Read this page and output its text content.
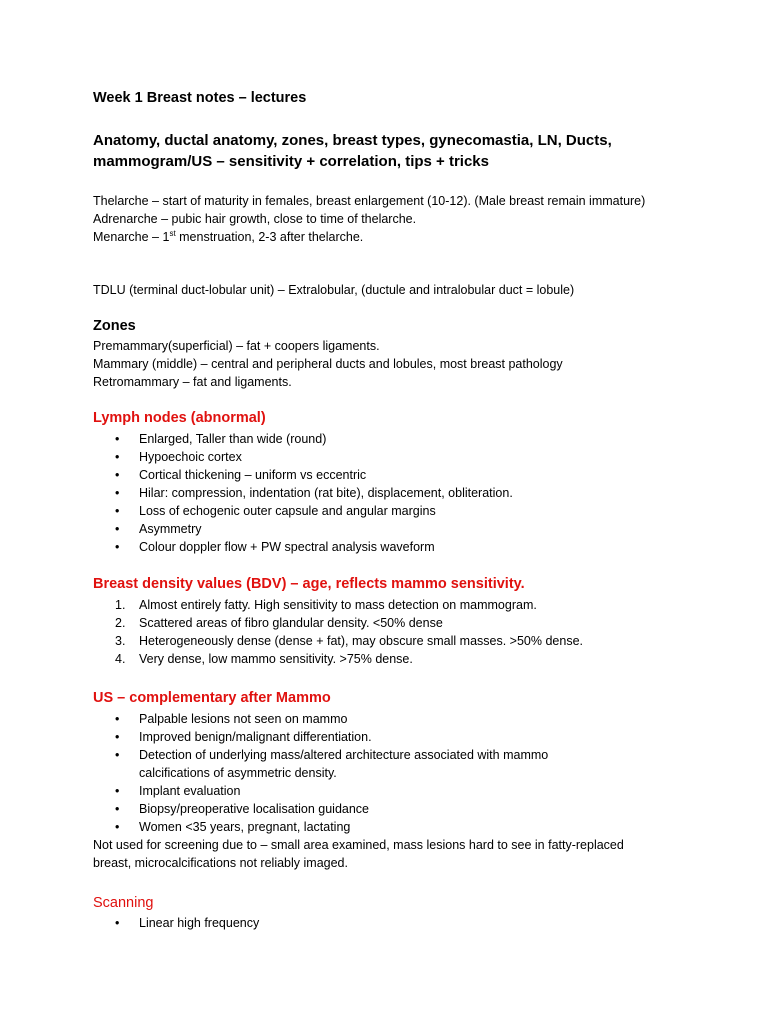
Week 1 Breast notes – lectures
Anatomy, ductal anatomy, zones, breast types, gynecomastia, LN, Ducts, mammogram/US – sensitivity + correlation, tips + tricks
Thelarche – start of maturity in females, breast enlargement (10-12). (Male breast remain immature)
Adrenarche – pubic hair growth, close to time of thelarche.
Menarche – 1st menstruation, 2-3 after thelarche.
TDLU (terminal duct-lobular unit) – Extralobular, (ductule and intralobular duct = lobule)
Zones
Premammary(superficial) – fat + coopers ligaments.
Mammary (middle) – central and peripheral ducts and lobules, most breast pathology
Retromammary – fat and ligaments.
Lymph nodes (abnormal)
•	Enlarged, Taller than wide (round)
•	Hypoechoic cortex
•	Cortical thickening – uniform vs eccentric
•	Hilar: compression, indentation (rat bite), displacement, obliteration.
•	Loss of echogenic outer capsule and angular margins
•	Asymmetry
•	Colour doppler flow + PW spectral analysis waveform
Breast density values (BDV) – age, reflects mammo sensitivity.
1.	Almost entirely fatty. High sensitivity to mass detection on mammogram.
2.	Scattered areas of fibro glandular density. <50% dense
3.	Heterogeneously dense (dense + fat), may obscure small masses. >50% dense.
4.	Very dense, low mammo sensitivity. >75% dense.
US – complementary after Mammo
•	Palpable lesions not seen on mammo
•	Improved benign/malignant differentiation.
•	Detection of underlying mass/altered architecture associated with mammo calcifications of asymmetric density.
•	Implant evaluation
•	Biopsy/preoperative localisation guidance
•	Women <35 years, pregnant, lactating
Not used for screening due to – small area examined, mass lesions hard to see in fatty-replaced breast, microcalcifications not reliably imaged.
Scanning
•	Linear high frequency
